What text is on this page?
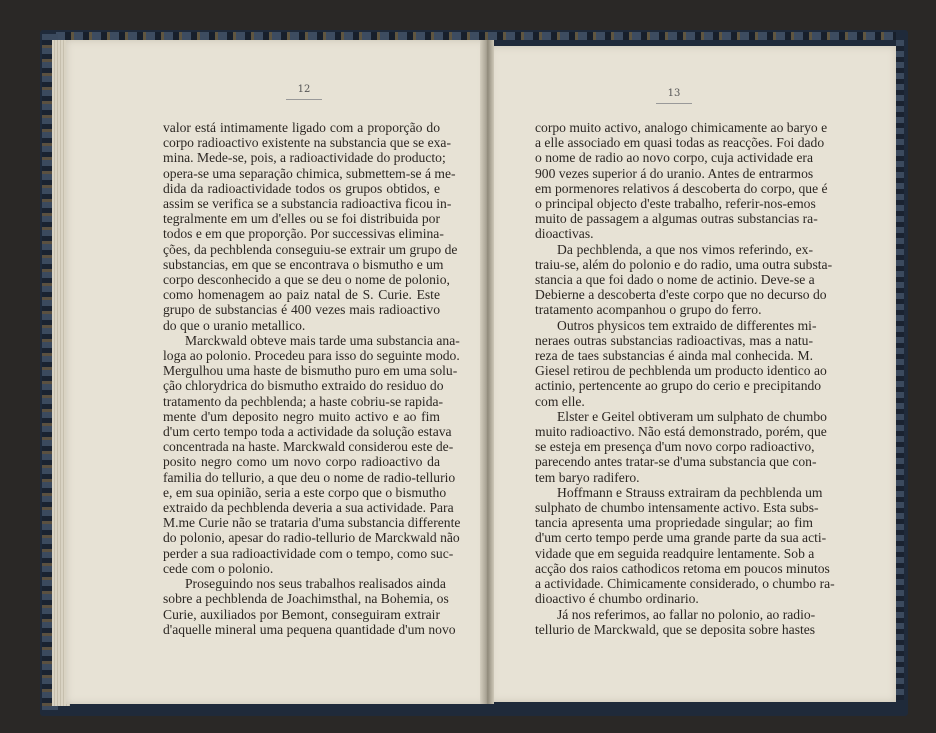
12	13
valor está intimamente ligado com a proporção do
corpo radioactivo existente na substancia que se exa-
mina. Mede-se, pois, a radioactividade do producto;
opera-se uma separação chimica, submettem-se á me-
dida da radioactividade todos os grupos obtidos, e
assim se verifica se a substancia radioactiva ficou in-
tegralmente em um d'elles ou se foi distribuida por
todos e em que proporção. Por successivas elimina-
ções, da pechblenda conseguiu-se extrair um grupo de
substancias, em que se encontrava o bismutho e um
corpo desconhecido a que se deu o nome de polonio,
como homenagem ao paiz natal de S. Curie. Este
grupo de substancias é 400 vezes mais radioactivo
do que o uranio metallico.
Marckwald obteve mais tarde uma substancia ana-
loga ao polonio. Procedeu para isso do seguinte modo.
Mergulhou uma haste de bismutho puro em uma solu-
ção chlorydrica do bismutho extraido do residuo do
tratamento da pechblenda; a haste cobriu-se rapida-
mente d'um deposito negro muito activo e ao fim
d'um certo tempo toda a actividade da solução estava
concentrada na haste. Marckwald considerou este de-
posito negro como um novo corpo radioactivo da
familia do tellurio, a que deu o nome de radio-tellurio
e, em sua opinião, seria a este corpo que o bismutho
extraido da pechblenda deveria a sua actividade. Para
M.me Curie não se trataria d'uma substancia differente
do polonio, apesar do radio-tellurio de Marckwald não
perder a sua radioactividade com o tempo, como suc-
cede com o polonio.
Proseguindo nos seus trabalhos realisados ainda
sobre a pechblenda de Joachimsthal, na Bohemia, os
Curie, auxiliados por Bemont, conseguiram extrair
d'aquelle mineral uma pequena quantidade d'um novo
corpo muito activo, analogo chimicamente ao baryo e
a elle associado em quasi todas as reacções. Foi dado
o nome de radio ao novo corpo, cuja actividade era
900 vezes superior á do uranio. Antes de entrarmos
em pormenores relativos á descoberta do corpo, que é
o principal objecto d'este trabalho, referir-nos-emos
muito de passagem a algumas outras substancias ra-
dioactivas.
Da pechblenda, a que nos vimos referindo, ex-
traiu-se, além do polonio e do radio, uma outra substa-
stancia a que foi dado o nome de actinio. Deve-se a
Debierne a descoberta d'este corpo que no decurso do
tratamento acompanhou o grupo do ferro.
Outros physicos tem extraido de differentes mi-
neraes outras substancias radioactivas, mas a natu-
reza de taes substancias é ainda mal conhecida. M.
Giesel retirou de pechblenda um producto identico ao
actinio, pertencente ao grupo do cerio e precipitando
com elle.
Elster e Geitel obtiveram um sulphato de chumbo
muito radioactivo. Não está demonstrado, porém, que
se esteja em presença d'um novo corpo radioactivo,
parecendo antes tratar-se d'uma substancia que con-
tem baryo radifero.
Hoffmann e Strauss extrairam da pechblenda um
sulphato de chumbo intensamente activo. Esta subs-
tancia apresenta uma propriedade singular; ao fim
d'um certo tempo perde uma grande parte da sua acti-
vidade que em seguida readquire lentamente. Sob a
acção dos raios cathodicos retoma em poucos minutos
a actividade. Chimicamente considerado, o chumbo ra-
dioactivo é chumbo ordinario.
Já nos referimos, ao fallar no polonio, ao radio-
tellurio de Marckwald, que se deposita sobre hastes
